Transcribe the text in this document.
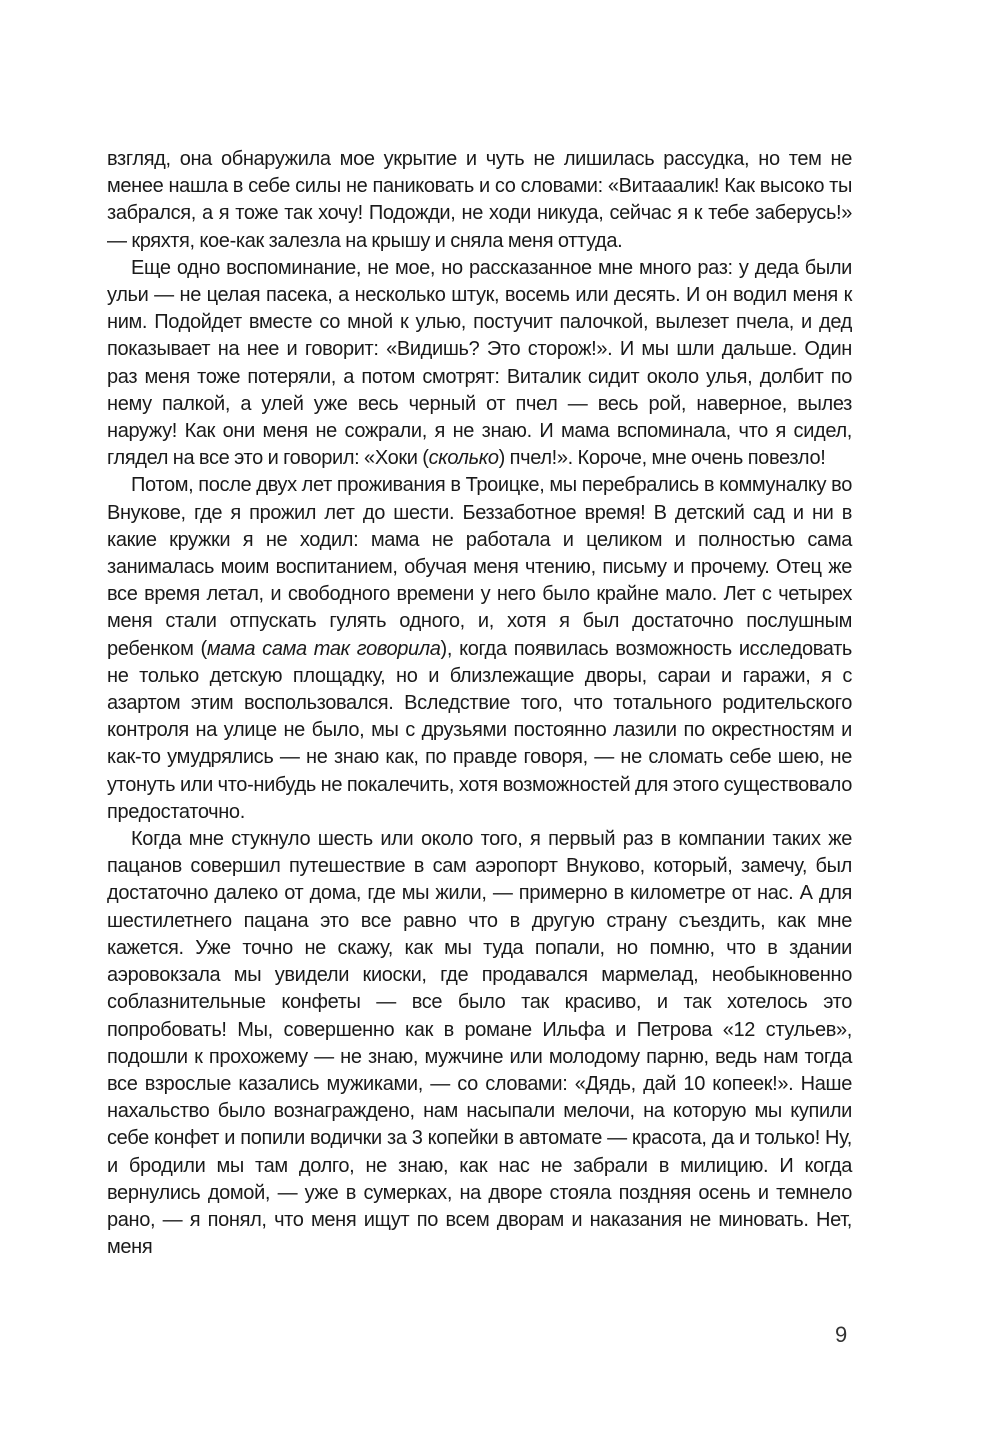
взгляд, она обнаружила мое укрытие и чуть не лишилась рассудка, но тем не менее нашла в себе силы не паниковать и со словами: «Витаaалик! Как высоко ты забрался, а я тоже так хочу! Подожди, не ходи никуда, сейчас я к тебе заберусь!» — кряхтя, кое-как залезла на крышу и сняла меня оттуда.

Еще одно воспоминание, не мое, но рассказанное мне много раз: у деда были ульи — не целая пасека, а несколько штук, восемь или десять. И он водил меня к ним. Подойдет вместе со мной к улью, постучит палочкой, вылезет пчела, и дед показывает на нее и говорит: «Видишь? Это сторож!». И мы шли дальше. Один раз меня тоже потеряли, а потом смотрят: Виталик сидит около улья, долбит по нему палкой, а улей уже весь черный от пчел — весь рой, наверное, вылез наружу! Как они меня не сожрали, я не знаю. И мама вспоминала, что я сидел, глядел на все это и говорил: «Хоки (сколько) пчел!». Короче, мне очень повезло!

Потом, после двух лет проживания в Троицке, мы перебрались в коммуналку во Внукове, где я прожил лет до шести. Беззаботное время! В детский сад и ни в какие кружки я не ходил: мама не работала и целиком и полностью сама занималась моим воспитанием, обучая меня чтению, письму и прочему. Отец же все время летал, и свободного времени у него было крайне мало. Лет с четырех меня стали отпускать гулять одного, и, хотя я был достаточно послушным ребенком (мама сама так говорила), когда появилась возможность исследовать не только детскую площадку, но и близлежащие дворы, сараи и гаражи, я с азартом этим воспользовался. Вследствие того, что тотального родительского контроля на улице не было, мы с друзьями постоянно лазили по окрестностям и как-то умудрялись — не знаю как, по правде говоря, — не сломать себе шею, не утонуть или что-нибудь не покалечить, хотя возможностей для этого существовало предостаточно.

Когда мне стукнуло шесть или около того, я первый раз в компании таких же пацанов совершил путешествие в сам аэропорт Внуково, который, замечу, был достаточно далеко от дома, где мы жили, — примерно в километре от нас. А для шестилетнего пацана это все равно что в другую страну съездить, как мне кажется. Уже точно не скажу, как мы туда попали, но помню, что в здании аэровокзала мы увидели киоски, где продавался мармелад, необыкновенно соблазнительные конфеты — все было так красиво, и так хотелось это попробовать! Мы, совершенно как в романе Ильфа и Петрова «12 стульев», подошли к прохожему — не знаю, мужчине или молодому парню, ведь нам тогда все взрослые казались мужиками, — со словами: «Дядь, дай 10 копеек!». Наше нахальство было вознаграждено, нам насыпали мелочи, на которую мы купили себе конфет и попили водички за 3 копейки в автомате — красота, да и только! Ну, и бродили мы там долго, не знаю, как нас не забрали в милицию. И когда вернулись домой, — уже в сумерках, на дворе стояла поздняя осень и темнело рано, — я понял, что меня ищут по всем дворам и наказания не миновать. Нет, меня

9
